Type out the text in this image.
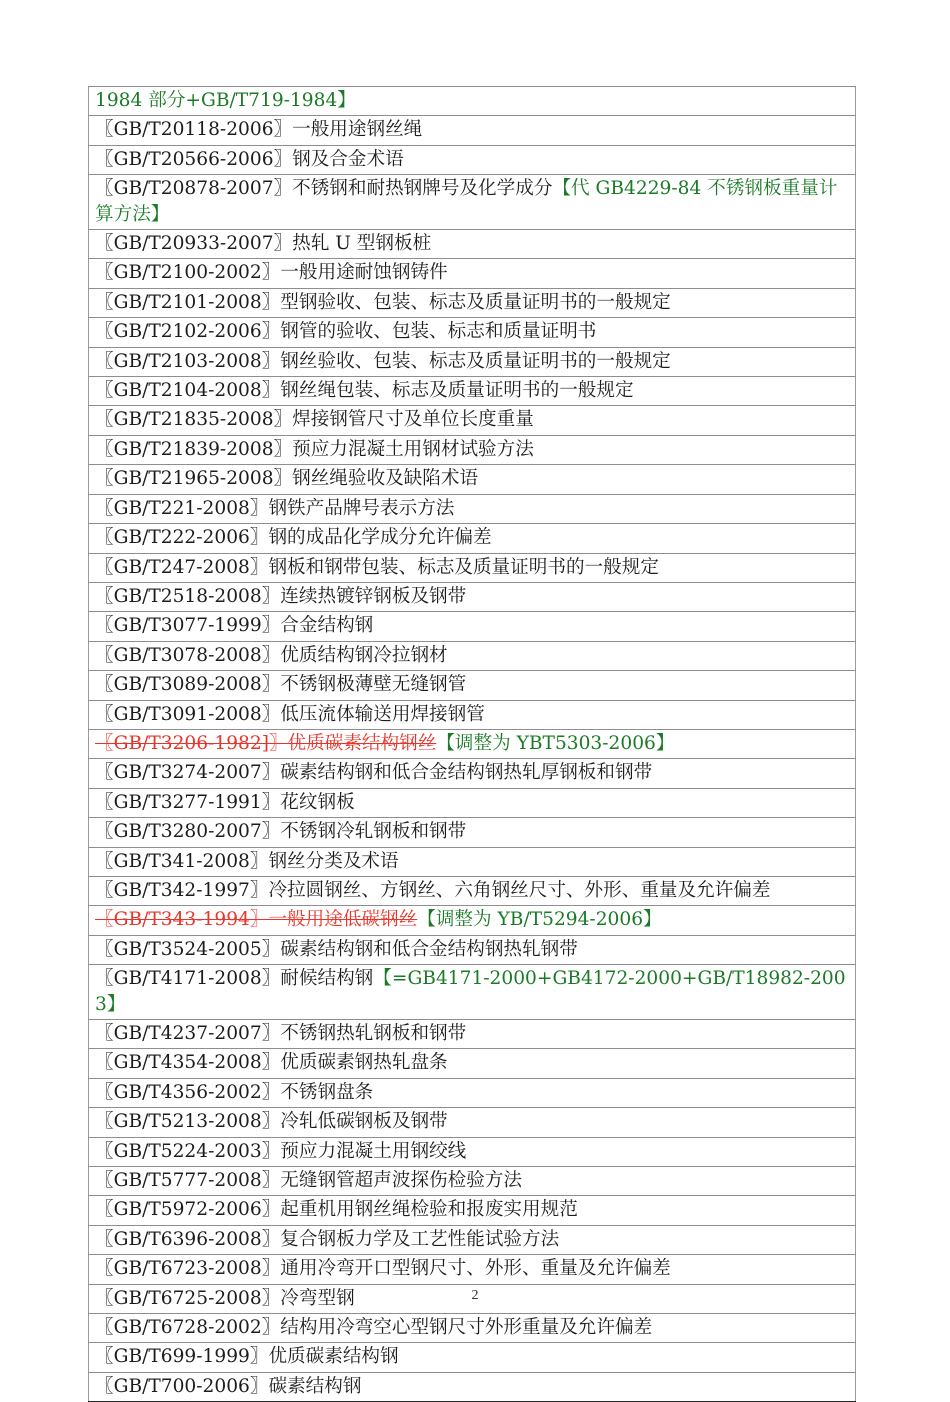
1984 部分+GB/T719-1984】
〖GB/T20118-2006〗一般用途钢丝绳
〖GB/T20566-2006〗钢及合金术语
〖GB/T20878-2007〗不锈钢和耐热钢牌号及化学成分【代 GB4229-84 不锈钢板重量计算方法】
〖GB/T20933-2007〗热轧 U 型钢板桩
〖GB/T2100-2002〗一般用途耐蚀钢铸件
〖GB/T2101-2008〗型钢验收、包装、标志及质量证明书的一般规定
〖GB/T2102-2006〗钢管的验收、包装、标志和质量证明书
〖GB/T2103-2008〗钢丝验收、包装、标志及质量证明书的一般规定
〖GB/T2104-2008〗钢丝绳包装、标志及质量证明书的一般规定
〖GB/T21835-2008〗焊接钢管尺寸及单位长度重量
〖GB/T21839-2008〗预应力混凝土用钢材试验方法
〖GB/T21965-2008〗钢丝绳验收及缺陷术语
〖GB/T221-2008〗钢铁产品牌号表示方法
〖GB/T222-2006〗钢的成品化学成分允许偏差
〖GB/T247-2008〗钢板和钢带包装、标志及质量证明书的一般规定
〖GB/T2518-2008〗连续热镀锌钢板及钢带
〖GB/T3077-1999〗合金结构钢
〖GB/T3078-2008〗优质结构钢冷拉钢材
〖GB/T3089-2008〗不锈钢极薄壁无缝钢管
〖GB/T3091-2008〗低压流体输送用焊接钢管
〖GB/T3206-1982]〗优质碳素结构钢丝【调整为 YBT5303-2006】
〖GB/T3274-2007〗碳素结构钢和低合金结构钢热轧厚钢板和钢带
〖GB/T3277-1991〗花纹钢板
〖GB/T3280-2007〗不锈钢冷轧钢板和钢带
〖GB/T341-2008〗钢丝分类及术语
〖GB/T342-1997〗冷拉圆钢丝、方钢丝、六角钢丝尺寸、外形、重量及允许偏差
〖GB/T343-1994〗一般用途低碳钢丝【调整为 YB/T5294-2006】
〖GB/T3524-2005〗碳素结构钢和低合金结构钢热轧钢带
〖GB/T4171-2008〗耐候结构钢【=GB4171-2000+GB4172-2000+GB/T18982-2003】
〖GB/T4237-2007〗不锈钢热轧钢板和钢带
〖GB/T4354-2008〗优质碳素钢热轧盘条
〖GB/T4356-2002〗不锈钢盘条
〖GB/T5213-2008〗冷轧低碳钢板及钢带
〖GB/T5224-2003〗预应力混凝土用钢绞线
〖GB/T5777-2008〗无缝钢管超声波探伤检验方法
〖GB/T5972-2006〗起重机用钢丝绳检验和报废实用规范
〖GB/T6396-2008〗复合钢板力学及工艺性能试验方法
〖GB/T6723-2008〗通用冷弯开口型钢尺寸、外形、重量及允许偏差
〖GB/T6725-2008〗冷弯型钢
〖GB/T6728-2002〗结构用冷弯空心型钢尺寸外形重量及允许偏差
〖GB/T699-1999〗优质碳素结构钢
〖GB/T700-2006〗碳素结构钢
2
